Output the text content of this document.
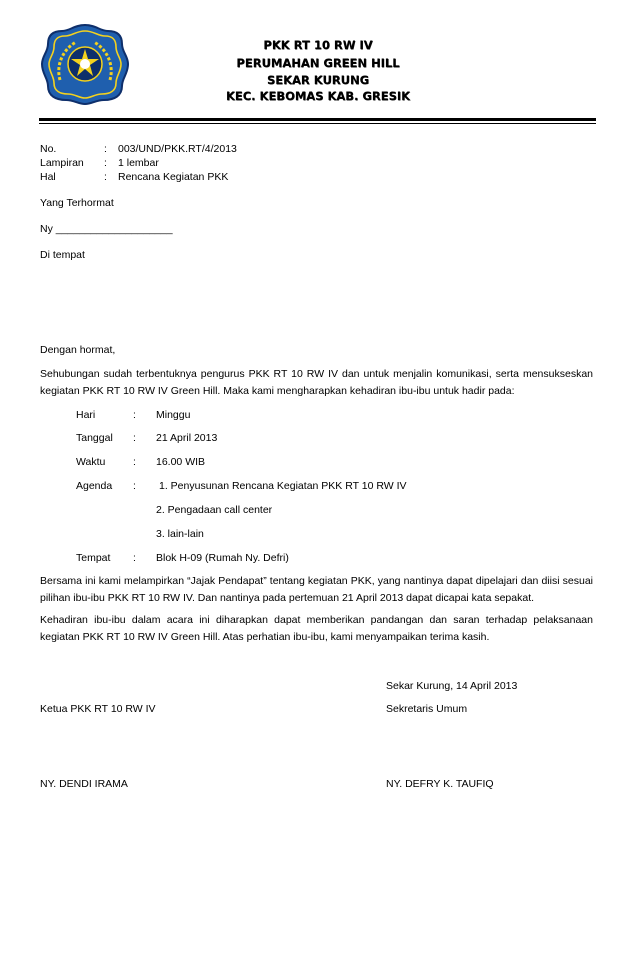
PKK RT 10 RW IV
PERUMAHAN GREEN HILL
SEKAR KURUNG
KEC. KEBOMAS KAB. GRESIK
No.	: 003/UND/PKK.RT/4/2013
Lampiran : 1 lembar
Hal	: Rencana Kegiatan PKK
Yang Terhormat
Ny ____________________
Di tempat
Dengan hormat,
Sehubungan sudah terbentuknya pengurus PKK RT 10 RW IV dan untuk menjalin komunikasi, serta mensukseskan kegiatan PKK RT 10 RW IV Green Hill. Maka kami mengharapkan kehadiran ibu-ibu untuk hadir pada:
Hari	: Minggu
Tanggal : 21 April 2013
Waktu	: 16.00 WIB
Agenda : 1. Penyusunan Rencana Kegiatan PKK RT 10 RW IV
2. Pengadaan call center
3. lain-lain
Tempat : Blok H-09 (Rumah Ny. Defri)
Bersama ini kami melampirkan “Jajak Pendapat” tentang kegiatan PKK, yang nantinya dapat dipelajari dan diisi sesuai pilihan ibu-ibu PKK RT 10 RW IV. Dan nantinya pada pertemuan 21 April 2013 dapat dicapai kata sepakat.
Kehadiran ibu-ibu dalam acara ini diharapkan dapat memberikan pandangan dan saran terhadap pelaksanaan kegiatan PKK RT 10 RW IV Green Hill. Atas perhatian ibu-ibu, kami menyampaikan terima kasih.
Sekar Kurung, 14 April 2013
Ketua PKK RT 10 RW IV	Sekretaris Umum
NY. DENDI IRAMA	NY. DEFRY K. TAUFIQ
